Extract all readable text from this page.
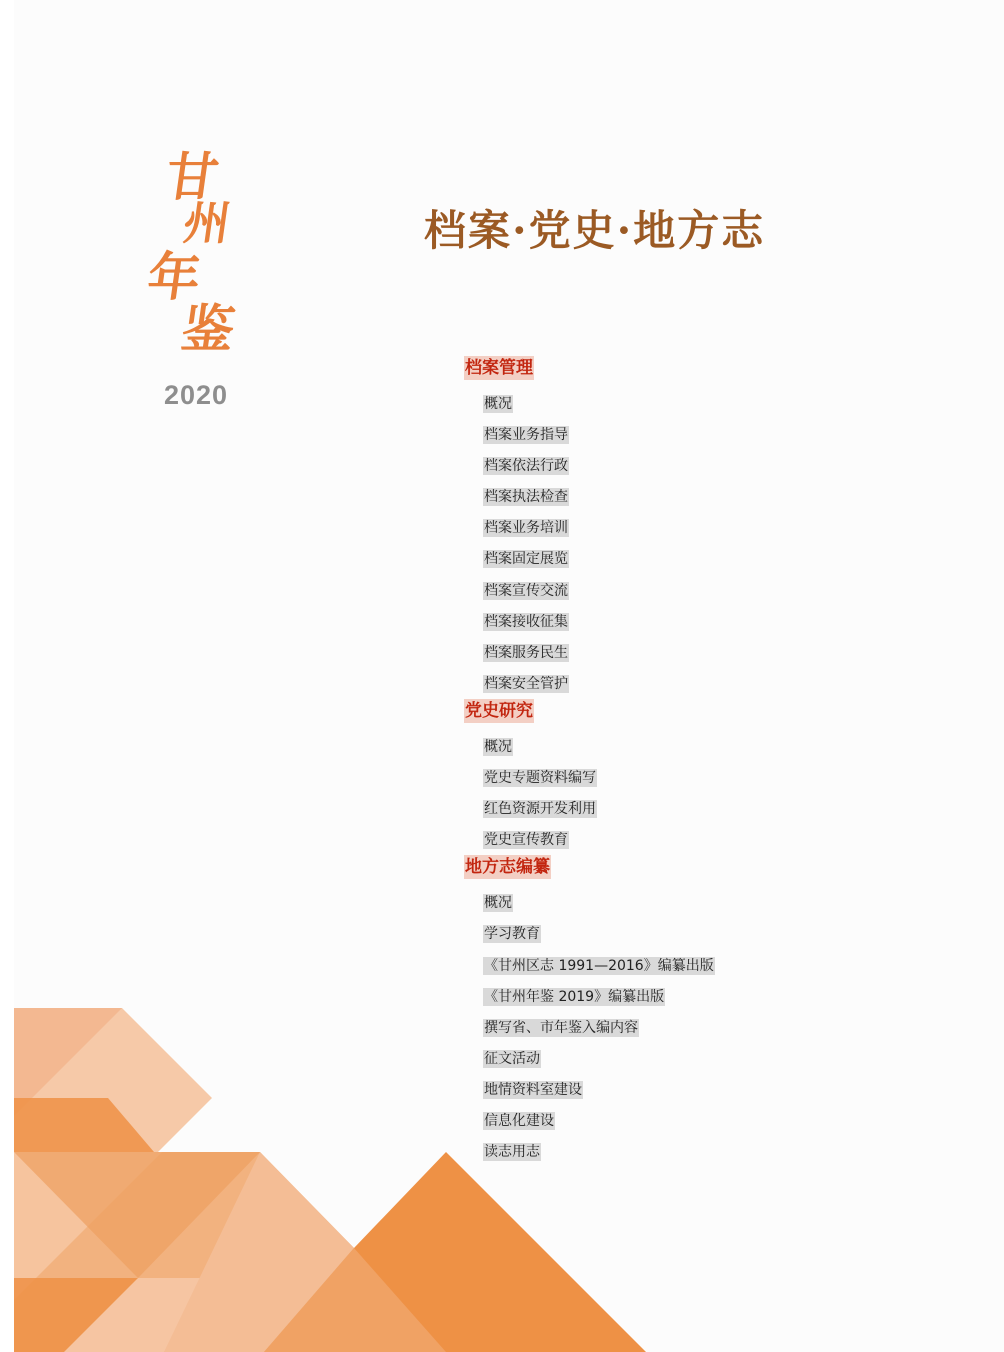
甘
州
年
鉴
2020
档案·党史·地方志
档案管理
概况
档案业务指导
档案依法行政
档案执法检查
档案业务培训
档案固定展览
档案宣传交流
档案接收征集
档案服务民生
档案安全管护
党史研究
概况
党史专题资料编写
红色资源开发利用
党史宣传教育
地方志编纂
概况
学习教育
《甘州区志 1991—2016》编纂出版
《甘州年鉴 2019》编纂出版
撰写省、市年鉴入编内容
征文活动
地情资料室建设
信息化建设
读志用志
